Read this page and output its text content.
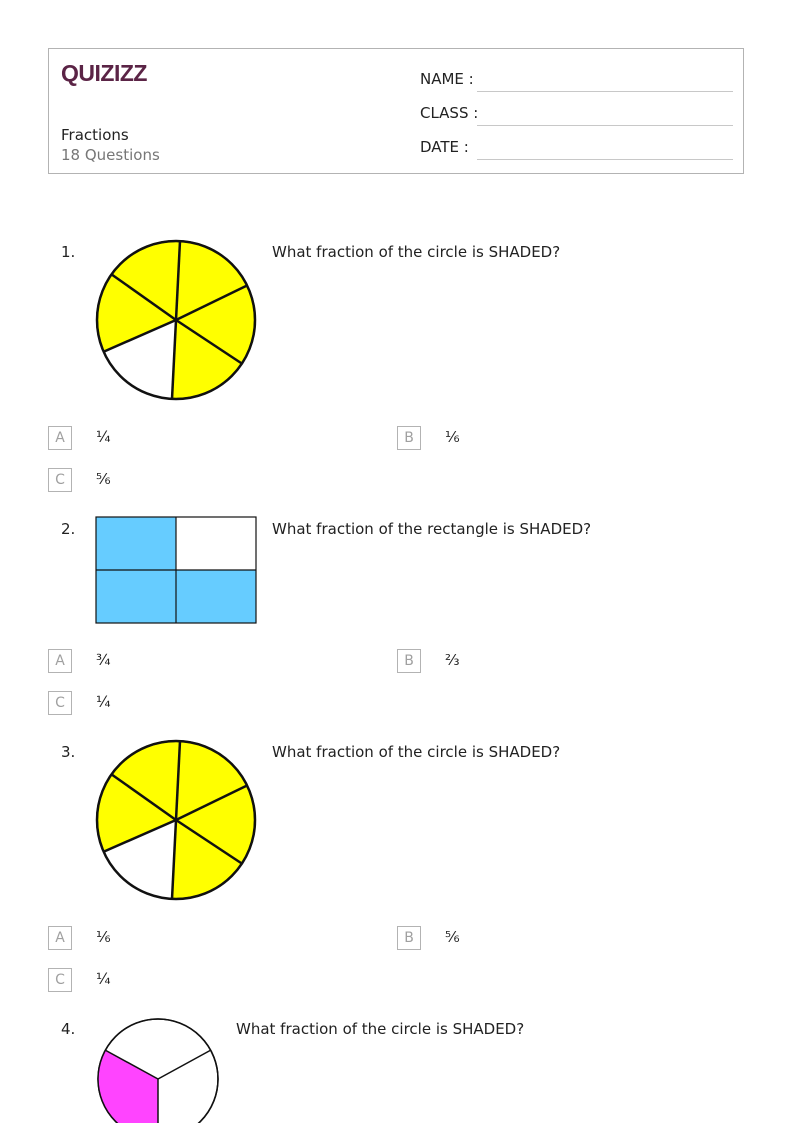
QUIZIZZ
Fractions
18 Questions
NAME :
CLASS :
DATE :
1.	What fraction of the circle is SHADED?
A	¼	B	⅙
C	⅚
2.	What fraction of the rectangle is SHADED?
A	¾	B	⅔
C	¼
3.	What fraction of the circle is SHADED?
A	⅙	B	⅚
C	¼
4.	What fraction of the circle is SHADED?
